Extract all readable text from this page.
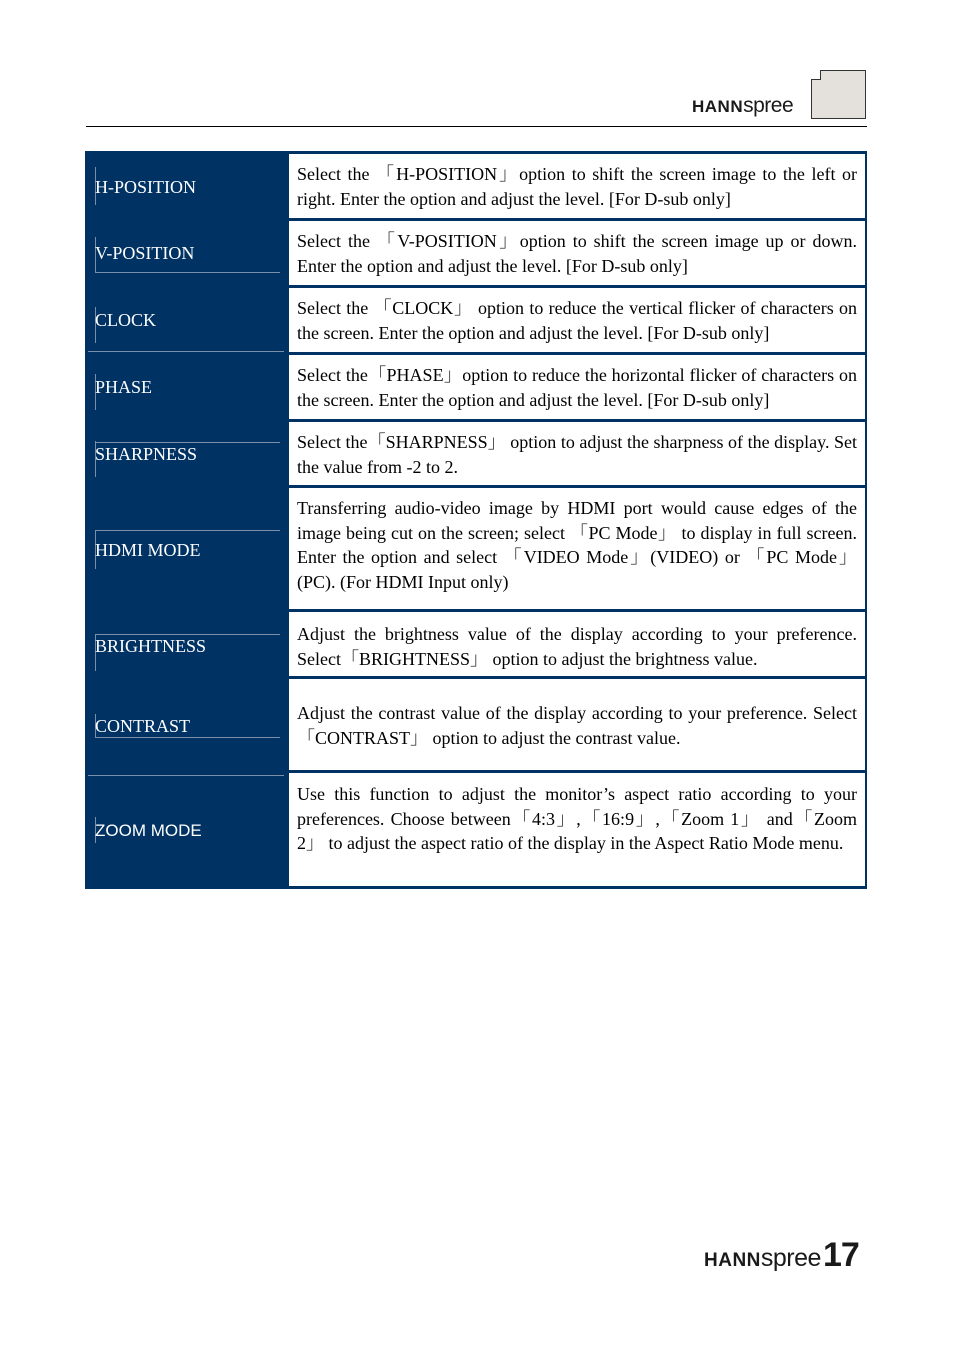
HANNspree
H-POSITION
Select the 「H-POSITION」option to shift the screen image to the left or right. Enter the option and adjust the level. [For D-sub only]
V-POSITION
Select the 「V-POSITION」option to shift the screen image up or down. Enter the option and adjust the level. [For D-sub only]
CLOCK
Select the 「CLOCK」 option to reduce the vertical flicker of characters on the screen. Enter the option and adjust the level. [For D-sub only]
PHASE
Select the「PHASE」option to reduce the horizontal flicker of characters on the screen. Enter the option and adjust the level. [For D-sub only]
SHARPNESS
Select the「SHARPNESS」 option to adjust the sharpness of the display. Set the value from -2 to 2.
HDMI MODE
Transferring audio-video image by HDMI port would cause edges of the image being cut on the screen; select 「PC Mode」 to display in full screen. Enter the option and select 「VIDEO Mode」(VIDEO) or 「PC Mode」(PC). (For HDMI Input only)
BRIGHTNESS
Adjust the brightness value of the display according to your preference. Select「BRIGHTNESS」 option to adjust the brightness value.
CONTRAST
Adjust the contrast value of the display according to your preference. Select「CONTRAST」 option to adjust the contrast value.
ZOOM MODE
Use this function to adjust the monitor’s aspect ratio according to your preferences. Choose between「4:3」,「16:9」,「Zoom 1」 and「Zoom 2」 to adjust the aspect ratio of the display in the Aspect Ratio Mode menu.
HANNspree17
